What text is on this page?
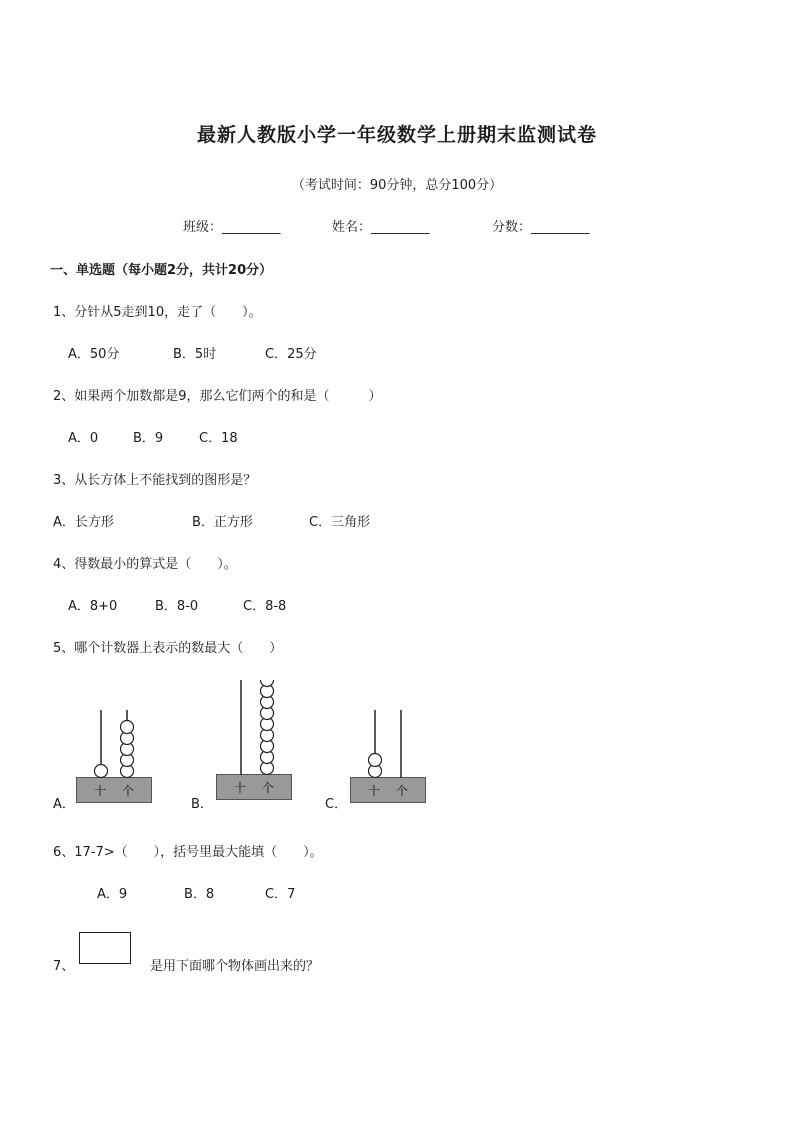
最新人教版小学一年级数学上册期末监测试卷
（考试时间：90分钟，总分100分）
班级：_________	姓名：_________	分数：_________
一、单选题（每小题2分，共计20分）
1、分针从5走到10，走了（　　）。
A．50分	B．5时	C．25分
2、如果两个加数都是9，那么它们两个的和是（　　　）
A．0	B．9	C．18
3、从长方体上不能找到的图形是？
A．长方形	B．正方形	C．三角形
4、得数最小的算式是（　　）。
A．8+0	B．8-0	C．8-8
5、哪个计数器上表示的数最大（　　）
A．	B．	C．
十 个	十 个	十 个
6、17-7>（　　），括号里最大能填（　　）。
A．9	B．8	C．7
7、	是用下面哪个物体画出来的？
